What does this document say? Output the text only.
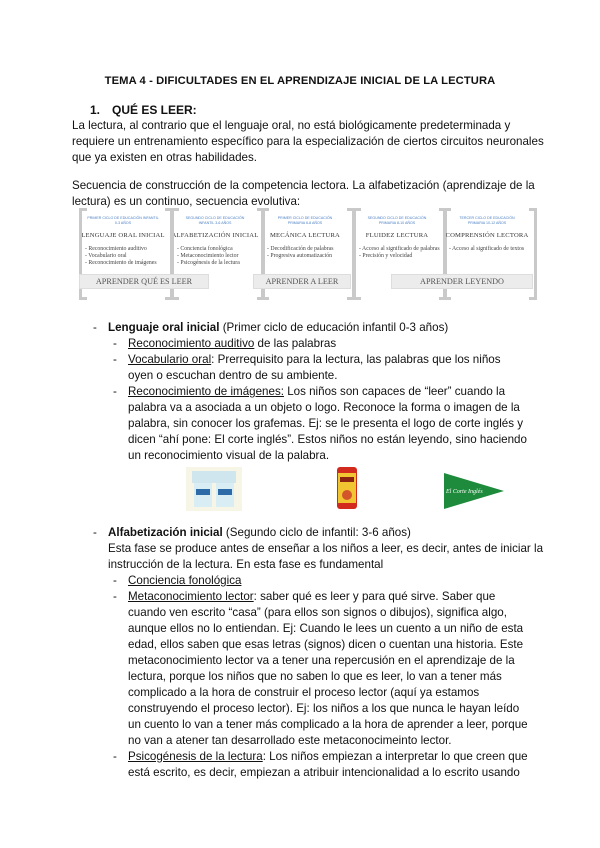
TEMA 4 - DIFICULTADES EN EL APRENDIZAJE INICIAL DE LA LECTURA
1. QUÉ ES LEER:
La lectura, al contrario que el lenguaje oral, no está biológicamente predeterminada y
requiere un entrenamiento específico para la especialización de ciertos circuitos neuronales
que ya existen en otras habilidades.
Secuencia de construcción de la competencia lectora. La alfabetización (aprendizaje de la
lectura) es un continuo, secuencia evolutiva:
PRIMER CICLO DE EDUCACIÓN INFANTIL 0-3 AÑOS
LENGUAJE ORAL INICIAL
- Reconocimiento auditivo
- Vocabulario oral
- Reconocimiento de imágenes
SEGUNDO CICLO DE EDUCACIÓN INFANTIL 3-6 AÑOS
ALFABETIZACIÓN INICIAL
- Conciencia fonológica
- Metaconocimiento lector
- Psicogénesis de la lectura
PRIMER CICLO DE EDUCACIÓN PRIMARIA 6-8 AÑOS
MECÁNICA LECTURA
- Decodificación de palabras
- Progresiva automatización
SEGUNDO CICLO DE EDUCACIÓN PRIMARIA 8-10 AÑOS
FLUIDEZ LECTURA
- Acceso al significado de palabras
- Precisión y velocidad
TERCER CICLO DE EDUCACIÓN PRIMARIA 10-12 AÑOS
COMPRENSIÓN LECTORA
- Acceso al significado de textos
APRENDER QUÉ ES LEER	APRENDER A LEER	APRENDER LEYENDO
- Lenguaje oral inicial (Primer ciclo de educación infantil 0-3 años)
- Reconocimiento auditivo de las palabras
- Vocabulario oral: Prerrequisito para la lectura, las palabras que los niños
oyen o escuchan dentro de su ambiente.
- Reconocimiento de imágenes: Los niños son capaces de “leer” cuando la
palabra va a asociada a un objeto o logo. Reconoce la forma o imagen de la
palabra, sin conocer los grafemas. Ej: se le presenta el logo de corte inglés y
dicen “ahí pone: El corte inglés”. Estos niños no están leyendo, sino haciendo
un reconocimiento visual de la palabra.
El Corte Inglés
- Alfabetización inicial (Segundo ciclo de infantil: 3-6 años)
Esta fase se produce antes de enseñar a los niños a leer, es decir, antes de iniciar la
instrucción de la lectura. En esta fase es fundamental
- Conciencia fonológica
- Metaconocimiento lector: saber qué es leer y para qué sirve. Saber que
cuando ven escrito “casa” (para ellos son signos o dibujos), significa algo,
aunque ellos no lo entiendan. Ej: Cuando le lees un cuento a un niño de esta
edad, ellos saben que esas letras (signos) dicen o cuentan una historia. Este
metaconocimiento lector va a tener una repercusión en el aprendizaje de la
lectura, porque los niños que no saben lo que es leer, lo van a tener más
complicado a la hora de construir el proceso lector (aquí ya estamos
construyendo el proceso lector). Ej: los niños a los que nunca le hayan leído
un cuento lo van a tener más complicado a la hora de aprender a leer, porque
no van a atener tan desarrollado este metaconocimeinto lector.
- Psicogénesis de la lectura: Los niños empiezan a interpretar lo que creen que
está escrito, es decir, empiezan a atribuir intencionalidad a lo escrito usando
